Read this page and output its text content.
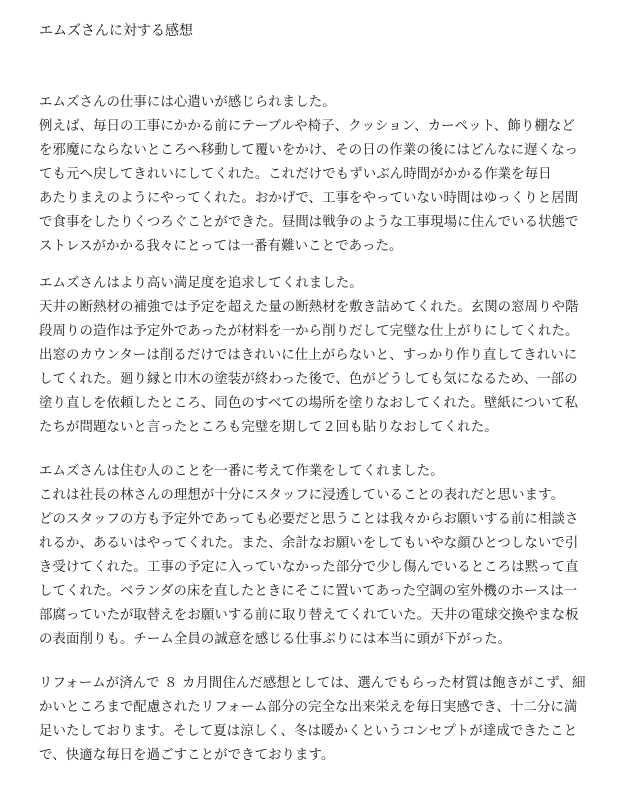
エムズさんに対する感想
エムズさんの仕事には心遣いが感じられました。
例えば、毎日の工事にかかる前にテーブルや椅子、クッション、カーペット、飾り棚など
を邪魔にならないところへ移動して覆いをかけ、その日の作業の後にはどんなに遅くなっ
ても元へ戻してきれいにしてくれた。これだけでもずいぶん時間がかかる作業を毎日
あたりまえのようにやってくれた。おかげで、工事をやっていない時間はゆっくりと居間
で食事をしたりくつろぐことができた。昼間は戦争のような工事現場に住んでいる状態で
ストレスがかかる我々にとっては一番有難いことであった。
エムズさんはより高い満足度を追求してくれました。
天井の断熱材の補強では予定を超えた量の断熱材を敷き詰めてくれた。玄関の窓周りや階
段周りの造作は予定外であったが材料を一から削りだして完璧な仕上がりにしてくれた。
出窓のカウンターは削るだけではきれいに仕上がらないと、すっかり作り直してきれいに
してくれた。廻り縁と巾木の塗装が終わった後で、色がどうしても気になるため、一部の
塗り直しを依頼したところ、同色のすべての場所を塗りなおしてくれた。壁紙について私
たちが問題ないと言ったところも完璧を期して２回も貼りなおしてくれた。
エムズさんは住む人のことを一番に考えて作業をしてくれました。
これは社長の林さんの理想が十分にスタッフに浸透していることの表れだと思います。
どのスタッフの方も予定外であっても必要だと思うことは我々からお願いする前に相談さ
れるか、あるいはやってくれた。また、余計なお願いをしてもいやな顔ひとつしないで引
き受けてくれた。工事の予定に入っていなかった部分で少し傷んでいるところは黙って直
してくれた。ベランダの床を直したときにそこに置いてあった空調の室外機のホースは一
部腐っていたが取替えをお願いする前に取り替えてくれていた。天井の電球交換やまな板
の表面削りも。チーム全員の誠意を感じる仕事ぶりには本当に頭が下がった。
リフォームが済んで ８ カ月間住んだ感想としては、選んでもらった材質は飽きがこず、細
かいところまで配慮されたリフォーム部分の完全な出来栄えを毎日実感でき、十二分に満
足いたしております。そして夏は涼しく、冬は暖かくというコンセプトが達成できたこと
で、快適な毎日を過ごすことができております。
